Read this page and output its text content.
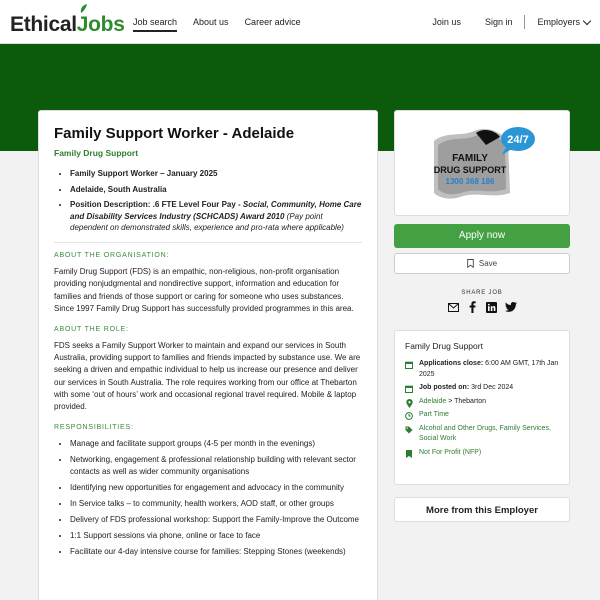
Ethical Jobs Job search About us Career advice	Join us	Sign in	Employers
Family Support Worker - Adelaide
Family Drug Support
• Family Support Worker – January 2025
• Adelaide, South Australia
• Position Description: .6 FTE Level Four Pay - Social, Community, Home Care and Disability Services Industry (SCHCADS) Award 2010 (Pay point dependent on demonstrated skills, experience and pro-rata where applicable)
ABOUT THE ORGANISATION:

Family Drug Support (FDS) is an empathic, non-religious, non-profit organisation providing nonjudgmental and nondirective support, information and education for families and friends of those support or caring for someone who uses substances. Since 1997 Family Drug Support has successfully provided programmes in this area.

ABOUT THE ROLE:

FDS seeks a Family Support Worker to maintain and expand our services in South Australia, providing support to families and friends impacted by substance use. We are seeking a driven and empathic individual to help us increase our presence and deliver our services in South Australia. The role requires working from our office at Thebarton with some ‘out of hours’ work and occasional regional travel required. Mobile & laptop provided.

RESPONSIBILITIES:
• Manage and facilitate support groups (4-5 per month in the evenings)
• Networking, engagement & professional relationship building with relevant sector contacts as well as wider community organisations
• Identifying new opportunities for engagement and advocacy in the community
• In Service talks – to community, health workers, AOD staff, or other groups
• Delivery of FDS professional workshop: Support the Family-Improve the Outcome
• 1:1 Support sessions via phone, online or face to face
• Facilitate our 4-day intensive course for families: Stepping Stones (weekends)
FAMILY
DRUG SUPPORT
1300 368 186
24/7
Apply now
Save
SHARE JOB
Family Drug Support
Applications close: 6:00 AM GMT, 17th Jan 2025
Job posted on: 3rd Dec 2024
Adelaide > Thebarton
Part Time
Alcohol and Other Drugs, Family Services, Social Work
Not For Profit (NFP)
More from this Employer
